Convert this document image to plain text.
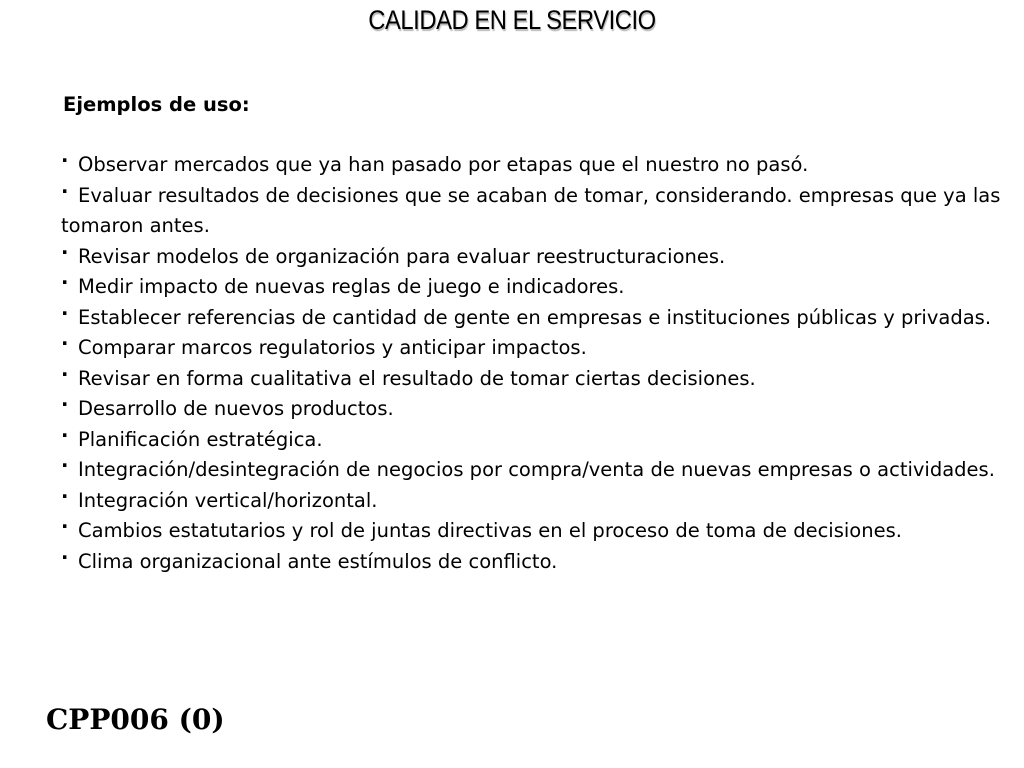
CALIDAD EN EL SERVICIO
Ejemplos de uso:
· Observar mercados que ya han pasado por etapas que el nuestro no pasó.
· Evaluar resultados de decisiones que se acaban de tomar, considerando. empresas que ya las tomaron antes.
· Revisar modelos de organización para evaluar reestructuraciones.
· Medir impacto de nuevas reglas de juego e indicadores.
· Establecer referencias de cantidad de gente en empresas e instituciones públicas y privadas.
· Comparar marcos regulatorios y anticipar impactos.
· Revisar en forma cualitativa el resultado de tomar ciertas decisiones.
· Desarrollo de nuevos productos.
· Planificación estratégica.
· Integración/desintegración de negocios por compra/venta de nuevas empresas o actividades.
· Integración vertical/horizontal.
· Cambios estatutarios y rol de juntas directivas en el proceso de toma de decisiones.
· Clima organizacional ante estímulos de conflicto.
CPP006 (0)
